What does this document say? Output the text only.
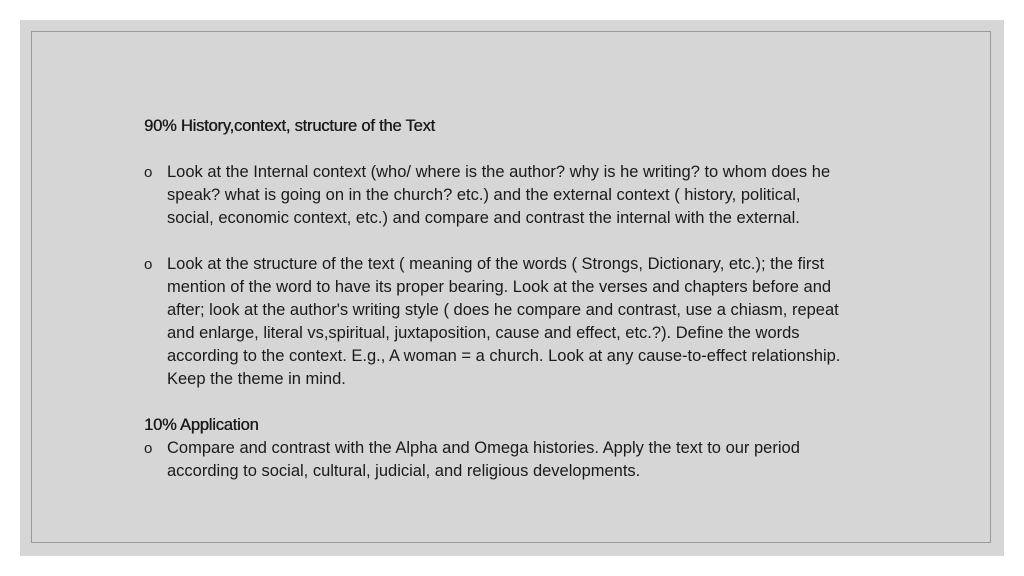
90% History,context, structure of the Text

o Look at the Internal context (who/ where is the author? why is he writing? to whom does he speak? what is going on in the church? etc.) and the external context ( history, political, social, economic context, etc.) and compare and contrast the internal with the external.

o Look at the structure of the text ( meaning of the words ( Strongs, Dictionary, etc.); the first mention of the word to have its proper bearing. Look at the verses and chapters before and after; look at the author's writing style ( does he compare and contrast, use a chiasm, repeat and enlarge, literal vs,spiritual, juxtaposition, cause and effect, etc.?). Define the words according to the context. E.g., A woman = a church. Look at any cause-to-effect relationship. Keep the theme in mind.

10% Application

o Compare and contrast with the Alpha and Omega histories. Apply the text to our period according to social, cultural, judicial, and religious developments.
